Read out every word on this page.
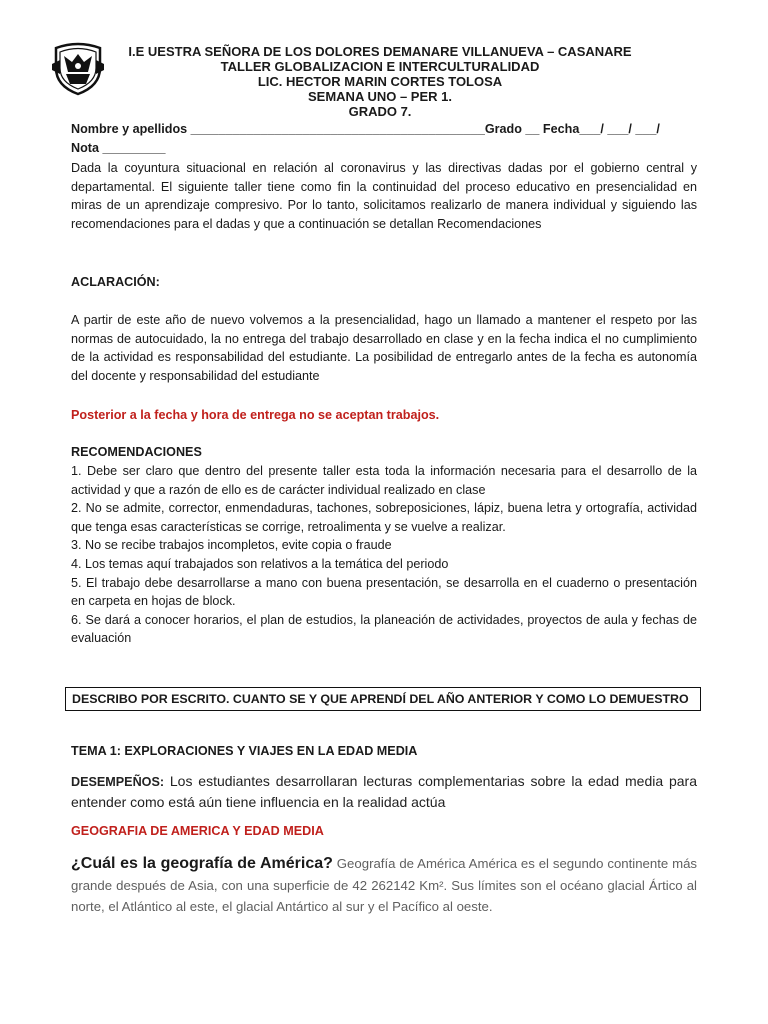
I.E UESTRA SEÑORA DE LOS DOLORES DEMANARE VILLANUEVA – CASANARE
TALLER GLOBALIZACION E INTERCULTURALIDAD
LIC. HECTOR MARIN CORTES TOLOSA
SEMANA UNO – PER 1.
GRADO 7.
Nombre y apellidos __________________________________________Grado __ Fecha___/ ___/ ___/
Nota _________
Dada la coyuntura situacional en relación al coronavirus y las directivas dadas por el gobierno central y departamental. El siguiente taller tiene como fin la continuidad del proceso educativo en presencialidad en miras de un aprendizaje compresivo. Por lo tanto, solicitamos realizarlo de manera individual y siguiendo las recomendaciones para el dadas y que a continuación se detallan Recomendaciones
ACLARACIÓN:
A partir de este año de nuevo volvemos a la presencialidad, hago un llamado a mantener el respeto por las normas de autocuidado, la no entrega del trabajo desarrollado en clase y en la fecha indica el no cumplimiento de la actividad es responsabilidad del estudiante. La posibilidad de entregarlo antes de la fecha es autonomía del docente y responsabilidad del estudiante
Posterior a la fecha y hora de entrega no se aceptan trabajos.
RECOMENDACIONES

1. Debe ser claro que dentro del presente taller esta toda la información necesaria para el desarrollo de la actividad y que a razón de ello es de carácter individual realizado en clase

2. No se admite, corrector, enmendaduras, tachones, sobreposiciones, lápiz, buena letra y ortografía, actividad que tenga esas características se corrige, retroalimenta y se vuelve a realizar.

3. No se recibe trabajos incompletos, evite copia o fraude

4. Los temas aquí trabajados son relativos a la temática del periodo

5. El trabajo debe desarrollarse a mano con buena presentación, se desarrolla en el cuaderno o presentación en carpeta en hojas de block.

6. Se dará a conocer horarios, el plan de estudios, la planeación de actividades, proyectos de aula y fechas de evaluación

DESCRIBO POR ESCRITO. CUANTO SE Y QUE APRENDÍ DEL AÑO ANTERIOR Y COMO LO DEMUESTRO
TEMA 1: EXPLORACIONES Y VIAJES EN LA EDAD MEDIA
DESEMPEÑOS: Los estudiantes desarrollaran lecturas complementarias sobre la edad media para entender como está aún tiene influencia en la realidad actúa
GEOGRAFIA DE AMERICA Y EDAD MEDIA
¿Cuál es la geografía de América? Geografía de América América es el segundo continente más grande después de Asia, con una superficie de 42 262142 Km². Sus límites son el océano glacial Ártico al norte, el Atlántico al este, el glacial Antártico al sur y el Pacífico al oeste.
